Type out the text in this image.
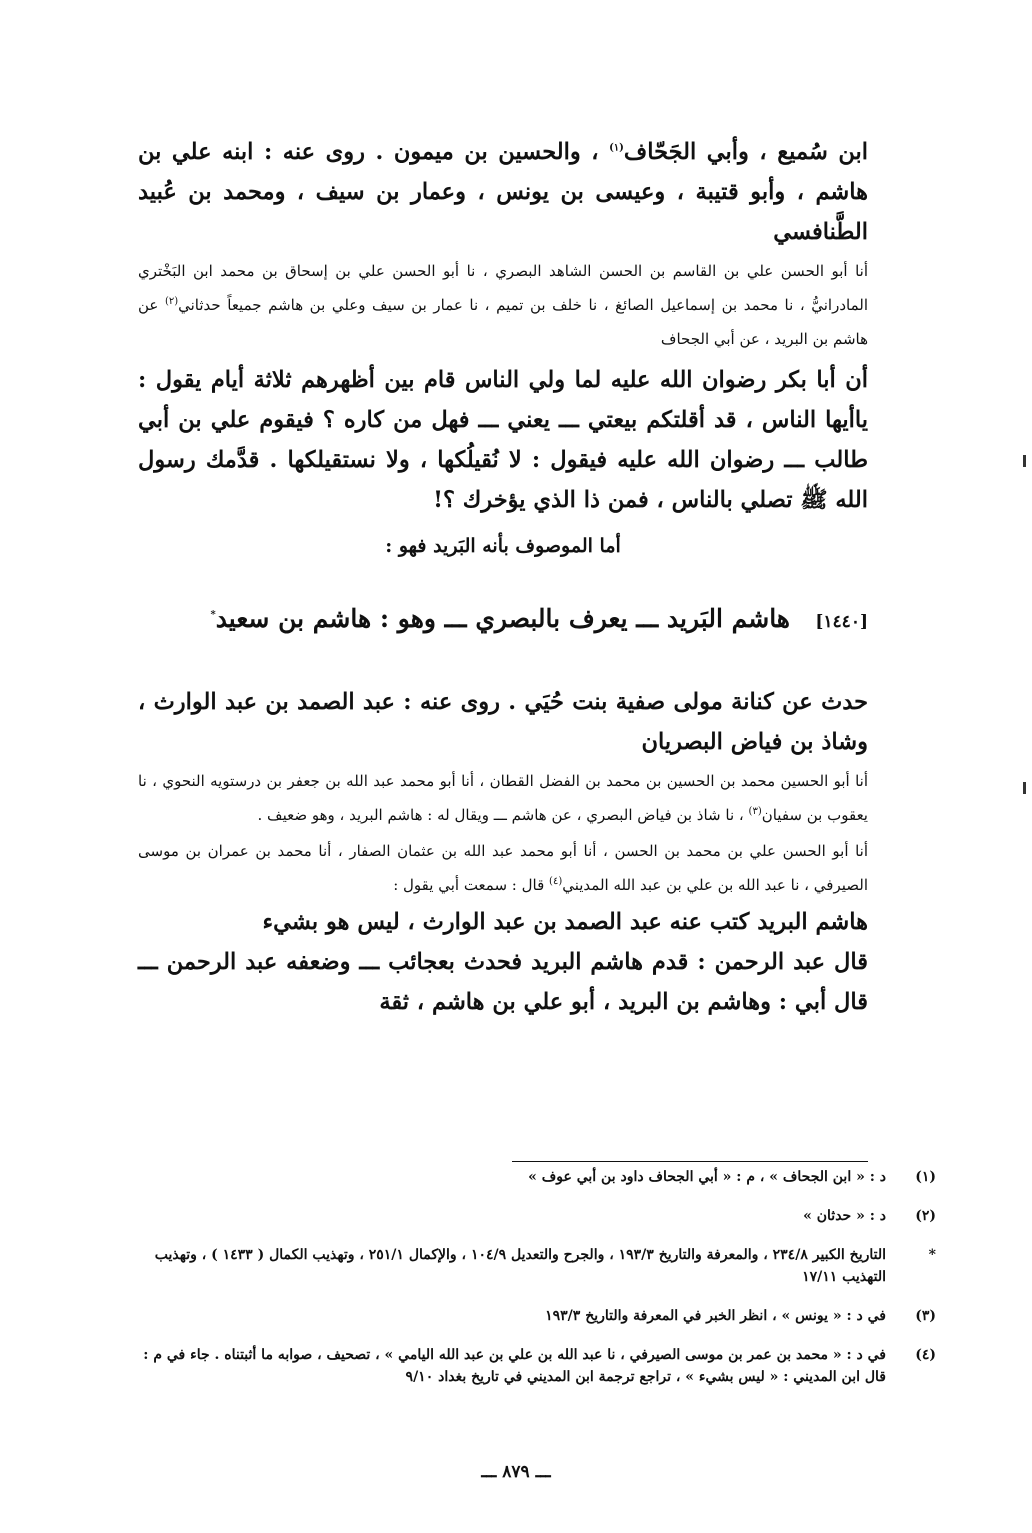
ابن سُميع ، وأبي الجَحّاف$^{(١)}$ ، والحسين بن ميمون . روى عنه : ابنه علي بن هاشم ، وأبو قتيبة ، وعيسى بن يونس ، وعمار بن سيف ، ومحمد بن عُبيد الطَّنافسي

أنا أبو الحسن علي بن القاسم بن الحسن الشاهد البصري ، نا أبو الحسن علي بن إسحاق بن محمد ابن البَخْتري المادرانيُّ ، نا محمد بن إسماعيل الصائغ ، نا خلف بن تميم ، نا عمار بن سيف وعلي بن هاشم جميعاً حدثاني$^{(٢)}$ عن هاشم بن البريد ، عن أبي الجحاف

أن أبا بكر رضوان الله عليه لما ولي الناس قام بين أظهرهم ثلاثة أيام يقول : ياأيها الناس ، قد أقلتكم بيعتي ـــ يعني ـــ فهل من كاره ؟ فيقوم علي بن أبي طالب ـــ رضوان الله عليه فيقول : لا نُقيلُكها ، ولا نستقيلكها . قدَّمك رسول الله ﷺ تصلي بالناس ، فمن ذا الذي يؤخرك ؟!

أما الموصوف بأنه البَريد فهو :

[١٤٤٠]
هاشم البَريد ـــ يعرف بالبصري ـــ وهو : هاشم بن سعيد*

حدث عن كنانة مولى صفية بنت حُيَي . روى عنه : عبد الصمد بن عبد الوارث ، وشاذ بن فياض البصريان

أنا أبو الحسين محمد بن الحسين بن محمد بن الفضل القطان ، أنا أبو محمد عبد الله بن جعفر بن درستويه النحوي ، نا يعقوب بن سفيان$^{(٣)}$ ، نا شاذ بن فياض البصري ، عن هاشم ـــ ويقال له : هاشم البريد ، وهو ضعيف .

أنا أبو الحسن علي بن محمد بن الحسن ، أنا أبو محمد عبد الله بن عثمان الصفار ، أنا محمد بن عمران بن موسى الصيرفي ، نا عبد الله بن علي بن عبد الله المديني$^{(٤)}$ قال : سمعت أبي يقول :

هاشم البريد كتب عنه عبد الصمد بن عبد الوارث ، ليس هو بشيء

قال عبد الرحمن : قدم هاشم البريد فحدث بعجائب ـــ وضعفه عبد الرحمن ـــ قال أبي : وهاشم بن البريد ، أبو علي بن هاشم ، ثقة

(١)
د : « ابن الجحاف » ، م : « أبي الجحاف داود بن أبي عوف »
(٢)
د : « حدثان »
*
التاريخ الكبير ٢٣٤/٨ ، والمعرفة والتاريخ ١٩٣/٣ ، والجرح والتعديل ١٠٤/٩ ، والإكمال ٢٥١/١ ، وتهذيب الكمال ( ١٤٣٣ ) ، وتهذيب التهذيب ١٧/١١
(٣)
في د : « يونس » ، انظر الخبر في المعرفة والتاريخ ١٩٣/٣
(٤)
في د : « محمد بن عمر بن موسى الصيرفي ، نا عبد الله بن علي بن عبد الله اليامي » ، تصحيف ، صوابه ما أثبتناه . جاء في م : قال ابن المديني : « ليس بشيء » ، تراجع ترجمة ابن المديني في تاريخ بغداد ٩/١٠
ـــ ٨٧٩ ـــ
